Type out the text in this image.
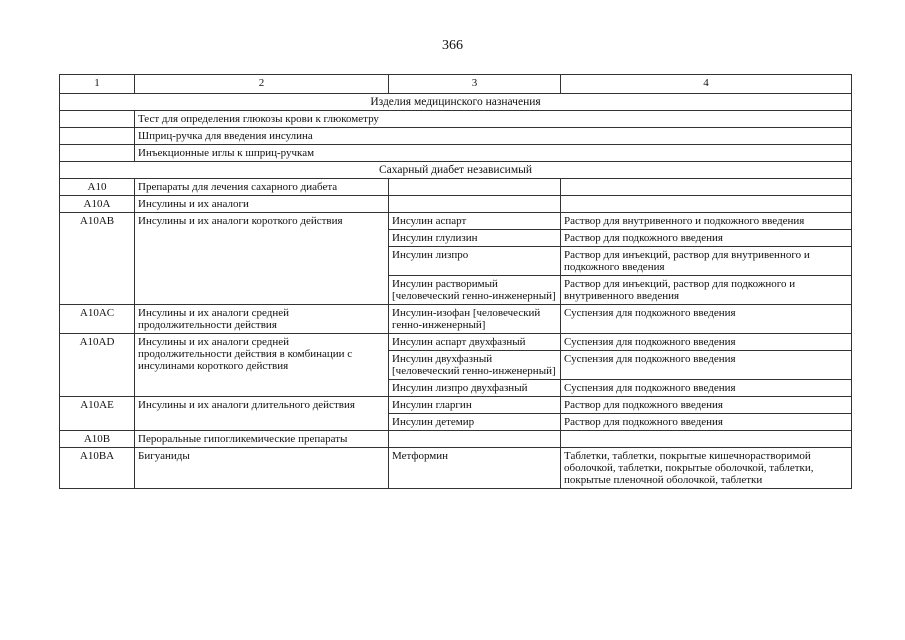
366
1	2	3	4
Изделия медицинского назначения			
	Тест для определения глюкозы крови к глюкометру		
	Шприц-ручка для введения инсулина		
	Инъекционные иглы к шприц-ручкам		
Сахарный диабет независимый			
A10	Препараты для лечения сахарного диабета		
A10A	Инсулины и их аналоги		
A10AB	Инсулины и их аналоги короткого действия	Инсулин аспарт	Раствор для внутривенного и подкожного введения
		Инсулин глулизин	Раствор для подкожного введения
		Инсулин лизпро	Раствор для инъекций, раствор для внутривенного и подкожного введения
		Инсулин растворимый [человеческий генно-инженерный]	Раствор для инъекций, раствор для подкожного и внутривенного введения
A10AC	Инсулины и их аналоги средней продолжительности действия	Инсулин-изофан [человеческий генно-инженерный]	Суспензия для подкожного введения
A10AD	Инсулины и их аналоги средней продолжительности действия в комбинации с инсулинами короткого действия	Инсулин аспарт двухфазный	Суспензия для подкожного введения
		Инсулин двухфазный [человеческий генно-инженерный]	Суспензия для подкожного введения
		Инсулин лизпро двухфазный	Суспензия для подкожного введения
A10AE	Инсулины и их аналоги длительного действия	Инсулин гларгин	Раствор для подкожного введения
		Инсулин детемир	Раствор для подкожного введения
A10B	Пероральные гипогликемические препараты		
A10BA	Бигуаниды	Метформин	Таблетки, таблетки, покрытые кишечнорастворимой оболочкой, таблетки, покрытые оболочкой, таблетки, покрытые пленочной оболочкой, таблетки
